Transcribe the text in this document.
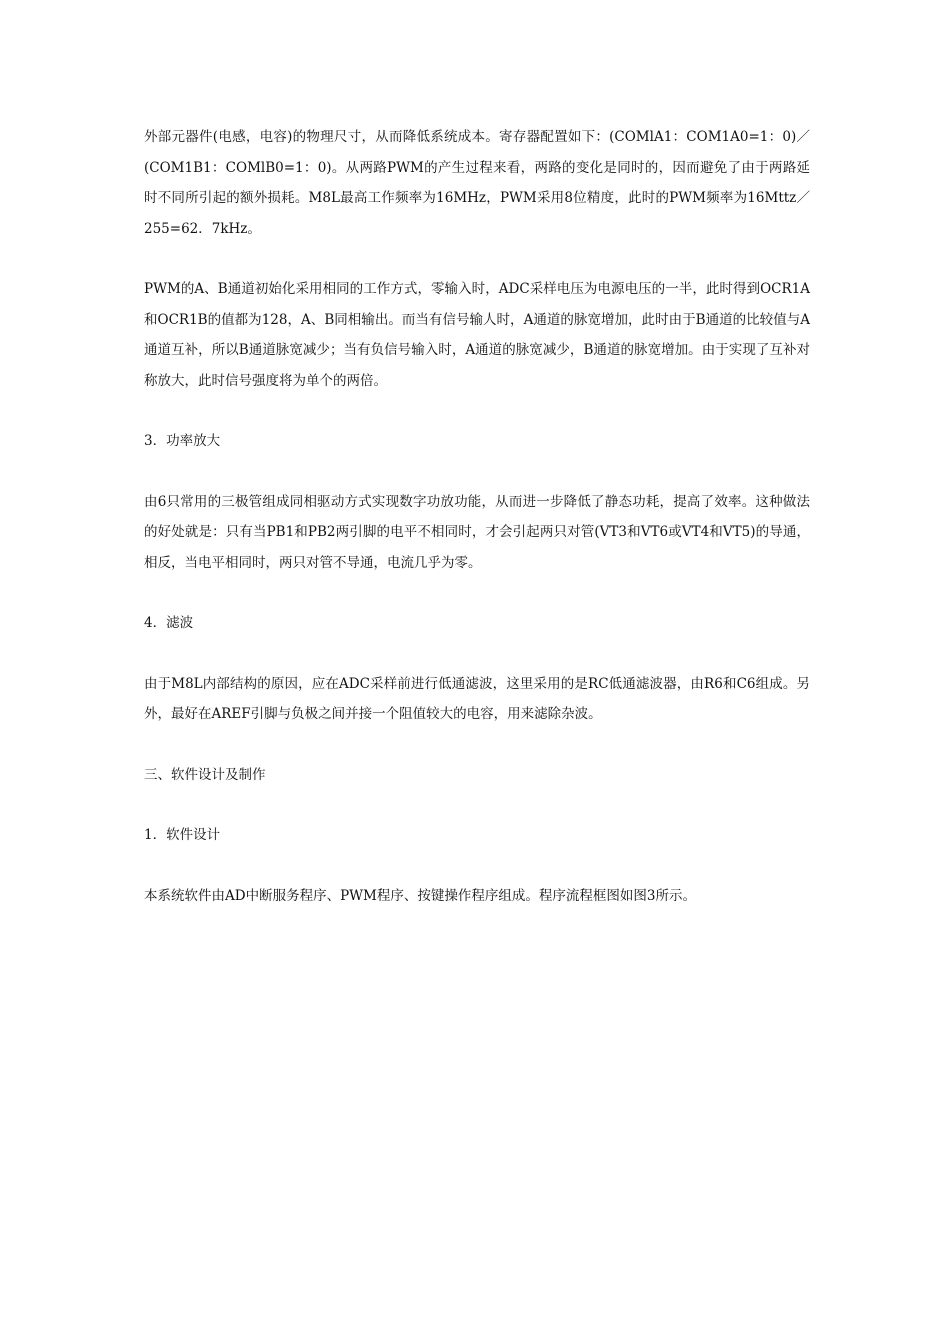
外部元器件(电感，电容)的物理尺寸，从而降低系统成本。寄存器配置如下：(COMlA1：COM1A0=1：0)／(COM1B1：COMlB0=1：0)。从两路PWM的产生过程来看，两路的变化是同时的，因而避免了由于两路延时不同所引起的额外损耗。M8L最高工作频率为16MHz，PWM采用8位精度，此时的PWM频率为16Mttz／255=62．7kHz。

PWM的A、B通道初始化采用相同的工作方式，零输入时，ADC采样电压为电源电压的一半，此时得到OCR1A和OCR1B的值都为128，A、B同相输出。而当有信号输人时，A通道的脉宽增加，此时由于B通道的比较值与A通道互补，所以B通道脉宽减少；当有负信号输入时，A通道的脉宽减少，B通道的脉宽增加。由于实现了互补对称放大，此时信号强度将为单个的两倍。

3．功率放大

由6只常用的三极管组成同相驱动方式实现数字功放功能，从而进一步降低了静态功耗，提高了效率。这种做法的好处就是：只有当PB1和PB2两引脚的电平不相同时，才会引起两只对管(VT3和VT6或VT4和VT5)的导通，相反，当电平相同时，两只对管不导通，电流几乎为零。

4．滤波

由于M8L内部结构的原因，应在ADC采样前进行低通滤波，这里采用的是RC低通滤波器，由R6和C6组成。另外，最好在AREF引脚与负极之间并接一个阻值较大的电容，用来滤除杂波。

三、软件设计及制作
1．软件设计

本系统软件由AD中断服务程序、PWM程序、按键操作程序组成。程序流程框图如图3所示。
